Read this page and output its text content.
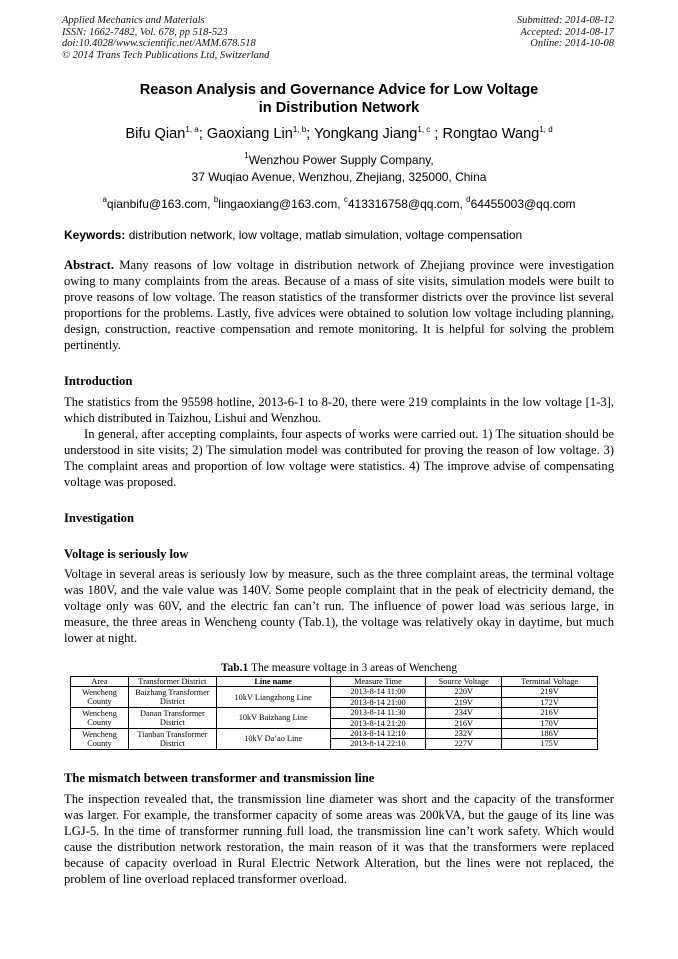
Applied Mechanics and Materials
ISSN: 1662-7482, Vol. 678, pp 518-523
doi:10.4028/www.scientific.net/AMM.678.518
© 2014 Trans Tech Publications Ltd, Switzerland
Submitted: 2014-08-12
Accepted: 2014-08-17
Online: 2014-10-08
Reason Analysis and Governance Advice for Low Voltage
in Distribution Network
Bifu Qian$^{1, a}$; Gaoxiang Lin$^{1, b}$; Yongkang Jiang$^{1, c}$ ; Rongtao Wang$^{1, d}$
$^1$Wenzhou Power Supply Company,
37 Wuqiao Avenue, Wenzhou, Zhejiang, 325000, China
$^a$qianbifu@163.com, $^b$lingaoxiang@163.com, $^c$413316758@qq.com, $^d$64455003@qq.com
Keywords: distribution network, low voltage, matlab simulation, voltage compensation
Abstract. Many reasons of low voltage in distribution network of Zhejiang province were investigation owing to many complaints from the areas. Because of a mass of site visits, simulation models were built to prove reasons of low voltage. The reason statistics of the transformer districts over the province list several proportions for the problems. Lastly, five advices were obtained to solution low voltage including planning, design, construction, reactive compensation and remote monitoring. It is helpful for solving the problem pertinently.
Introduction
The statistics from the 95598 hotline, 2013-6-1 to 8-20, there were 219 complaints in the low voltage [1-3], which distributed in Taizhou, Lishui and Wenzhou.
In general, after accepting complaints, four aspects of works were carried out. 1) The situation should be understood in site visits; 2) The simulation model was contributed for proving the reason of low voltage. 3) The complaint areas and proportion of low voltage were statistics. 4) The improve advise of compensating voltage was proposed.
Investigation
Voltage is seriously low
Voltage in several areas is seriously low by measure, such as the three complaint areas, the terminal voltage was 180V, and the vale value was 140V. Some people complaint that in the peak of electricity demand, the voltage only was 60V, and the electric fan can’t run. The influence of power load was serious large, in measure, the three areas in Wencheng county (Tab.1), the voltage was relatively okay in daytime, but much lower at night.
Tab.1 The measure voltage in 3 areas of Wencheng
Area	Transformer District	Line name	Measure Time	Source Voltage	Terminal Voltage
Wencheng County	Baizhang Transformer District	10kV Liangzhong Line	2013-8-14 11:00	220V	219V
			2013-8-14 21:00	219V	172V
Wencheng County	Danan Transformer District	10kV Baizhang Line	2013-8-14 11:30	234V	216V
			2013-8-14 21:20	216V	170V
Wencheng County	Tianban Transformer District	10kV Da’ao Line	2013-8-14 12:10	232V	186V
			2013-8-14 22:10	227V	175V
The mismatch between transformer and transmission line
The inspection revealed that, the transmission line diameter was short and the capacity of the transformer was larger. For example, the transformer capacity of some areas was 200kVA, but the gauge of its line was LGJ-5. In the time of transformer running full load, the transmission line can’t work safety. Which would cause the distribution network restoration, the main reason of it was that the transformers were replaced because of capacity overload in Rural Electric Network Alteration, but the lines were not replaced, the problem of line overload replaced transformer overload.
